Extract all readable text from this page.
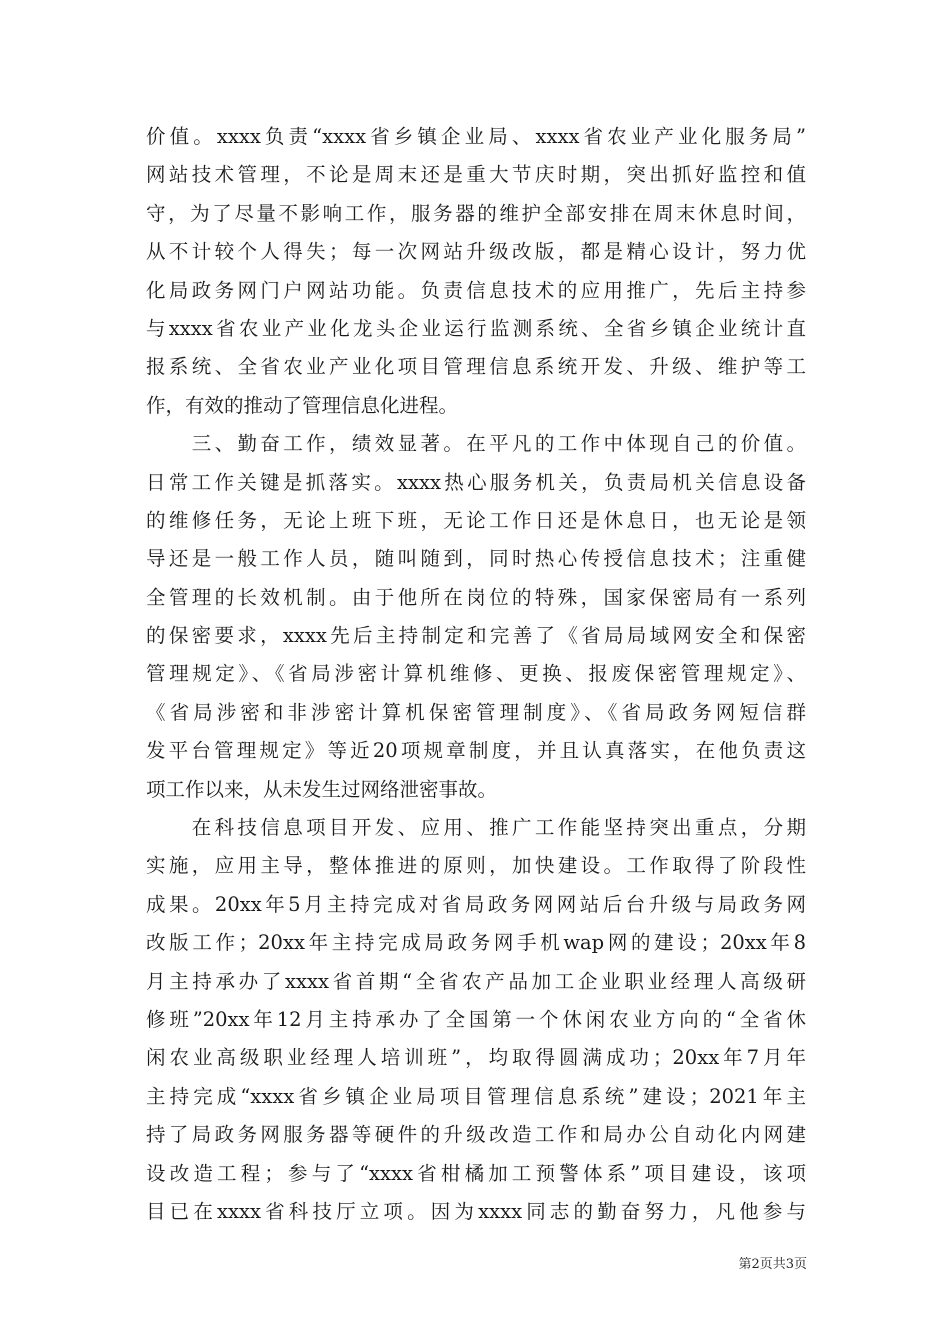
价值。xxxx负责“xxxx省乡镇企业局、xxxx省农业产业化服务局”
网站技术管理，不论是周末还是重大节庆时期，突出抓好监控和值
守，为了尽量不影响工作，服务器的维护全部安排在周末休息时间，
从不计较个人得失；每一次网站升级改版，都是精心设计，努力优
化局政务网门户网站功能。负责信息技术的应用推广，先后主持参
与xxxx省农业产业化龙头企业运行监测系统、全省乡镇企业统计直
报系统、全省农业产业化项目管理信息系统开发、升级、维护等工
作，有效的推动了管理信息化进程。
　　三、勤奋工作，绩效显著。在平凡的工作中体现自己的价值。
日常工作关键是抓落实。xxxx热心服务机关，负责局机关信息设备
的维修任务，无论上班下班，无论工作日还是休息日，也无论是领
导还是一般工作人员，随叫随到，同时热心传授信息技术；注重健
全管理的长效机制。由于他所在岗位的特殊，国家保密局有一系列
的保密要求，xxxx先后主持制定和完善了《省局局域网安全和保密
管理规定》、《省局涉密计算机维修、更换、报废保密管理规定》、
《省局涉密和非涉密计算机保密管理制度》、《省局政务网短信群
发平台管理规定》等近20项规章制度，并且认真落实，在他负责这
项工作以来，从未发生过网络泄密事故。
　　在科技信息项目开发、应用、推广工作能坚持突出重点，分期
实施，应用主导，整体推进的原则，加快建设。工作取得了阶段性
成果。20xx年5月主持完成对省局政务网网站后台升级与局政务网
改版工作；20xx年主持完成局政务网手机wap网的建设；20xx年8
月主持承办了xxxx省首期“全省农产品加工企业职业经理人高级研
修班”20xx年12月主持承办了全国第一个休闲农业方向的“全省休
闲农业高级职业经理人培训班”，均取得圆满成功；20xx年7月年
主持完成“xxxx省乡镇企业局项目管理信息系统”建设；2021年主
持了局政务网服务器等硬件的升级改造工作和局办公自动化内网建
设改造工程；参与了“xxxx省柑橘加工预警体系”项目建设，该项
目已在xxxx省科技厅立项。因为xxxx同志的勤奋努力，凡他参与
第2页共3页
